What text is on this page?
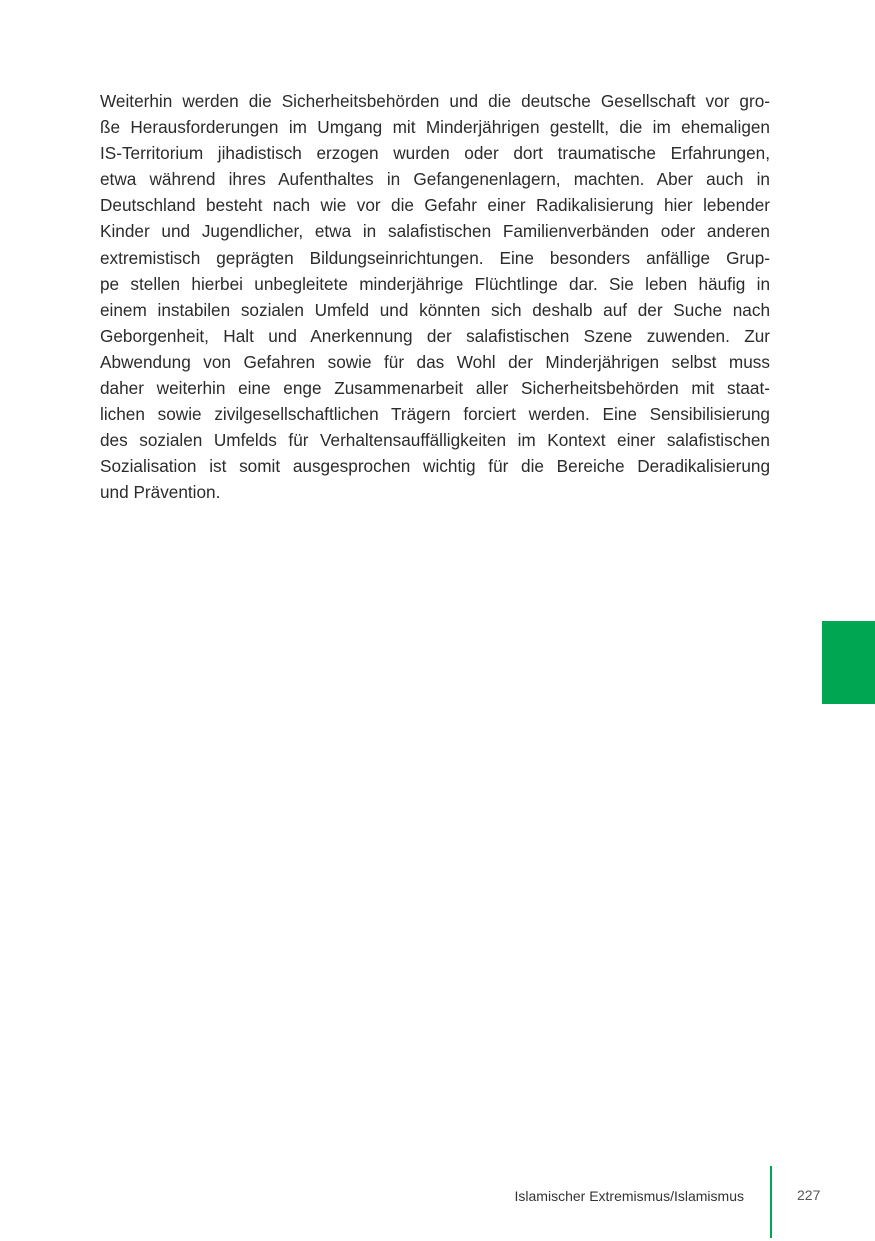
Weiterhin werden die Sicherheitsbehörden und die deutsche Gesellschaft vor gro-
ße Herausforderungen im Umgang mit Minderjährigen gestellt, die im ehemaligen
IS-Territorium jihadistisch erzogen wurden oder dort traumatische Erfahrungen,
etwa während ihres Aufenthaltes in Gefangenenlagern, machten. Aber auch in
Deutschland besteht nach wie vor die Gefahr einer Radikalisierung hier lebender
Kinder und Jugendlicher, etwa in salafistischen Familienverbänden oder anderen
extremistisch geprägten Bildungseinrichtungen. Eine besonders anfällige Grup-
pe stellen hierbei unbegleitete minderjährige Flüchtlinge dar. Sie leben häufig in
einem instabilen sozialen Umfeld und könnten sich deshalb auf der Suche nach
Geborgenheit, Halt und Anerkennung der salafistischen Szene zuwenden. Zur
Abwendung von Gefahren sowie für das Wohl der Minderjährigen selbst muss
daher weiterhin eine enge Zusammenarbeit aller Sicherheitsbehörden mit staat-
lichen sowie zivilgesellschaftlichen Trägern forciert werden. Eine Sensibilisierung
des sozialen Umfelds für Verhaltensauffälligkeiten im Kontext einer salafistischen
Sozialisation ist somit ausgesprochen wichtig für die Bereiche Deradikalisierung
und Prävention.
Islamischer Extremismus/Islamismus	227
